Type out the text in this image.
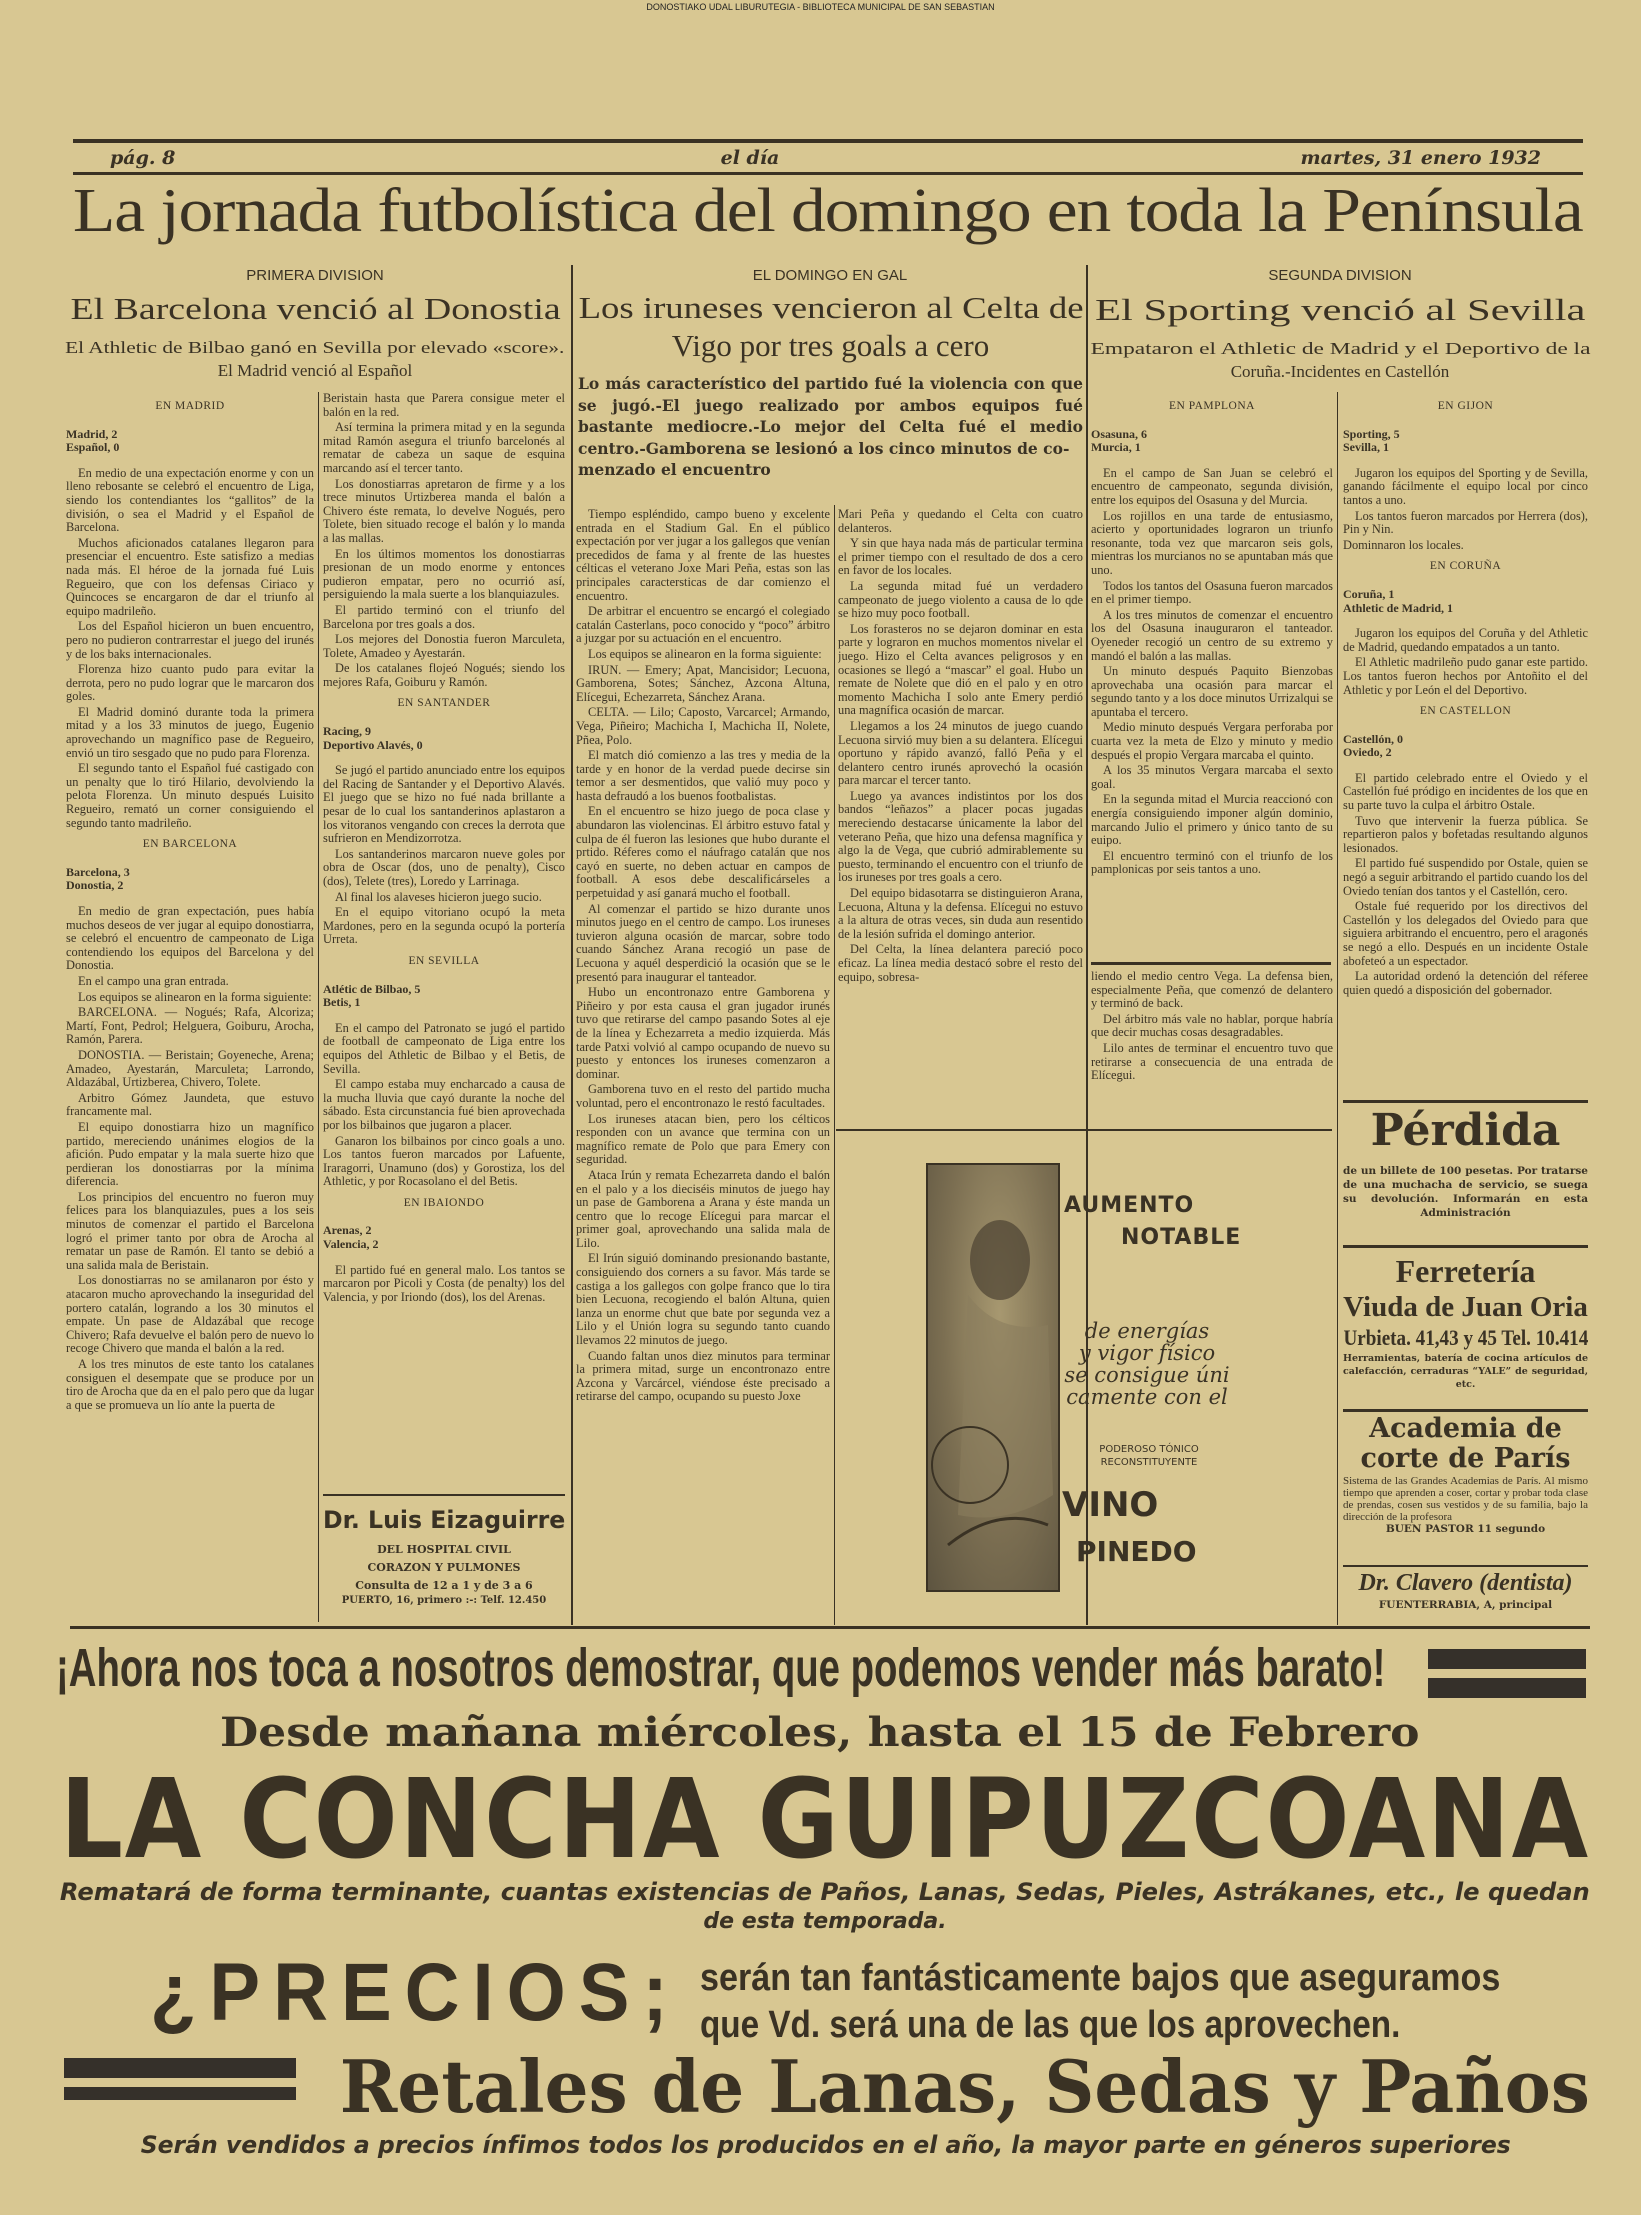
DONOSTIAKO UDAL LIBURUTEGIA - BIBLIOTECA MUNICIPAL DE SAN SEBASTIAN
pág. 8	el día	martes, 31 enero 1932
La jornada futbolística del domingo en toda la Península
PRIMERA DIVISION
El Barcelona venció al Donostia
El Athletic de Bilbao ganó en Sevilla por elevado «score».
El Madrid venció al Español
EN MADRID
Madrid, 2
Español, 0

En medio de una expectación enorme y con un lleno rebosante se celebró el encuentro de Liga, siendo los contendiantes los “gallitos” de la división, o sea el Madrid y el Español de Barcelona.

Muchos aficionados catalanes llegaron para presenciar el encuentro. Este satisfizo a medias nada más. El héroe de la jornada fué Luis Regueiro, que con los defensas Ciriaco y Quincoces se encargaron de dar el triunfo al equipo madrileño.

Los del Español hicieron un buen encuentro, pero no pudieron contrarrestar el juego del irunés y de los baks internacionales.

Florenza hizo cuanto pudo para evitar la derrota, pero no pudo lograr que le marcaron dos goles.

El Madrid dominó durante toda la primera mitad y a los 33 minutos de juego, Eugenio aprovechando un magnífico pase de Regueiro, envió un tiro sesgado que no pudo para Florenza.

El segundo tanto el Español fué castigado con un penalty que lo tiró Hilario, devolviendo la pelota Florenza. Un minuto después Luisito Regueiro, remató un corner consiguiendo el segundo tanto madrileño.

EN BARCELONA
Barcelona, 3
Donostia, 2

En medio de gran expectación, pues había muchos deseos de ver jugar al equipo donostiarra, se celebró el encuentro de campeonato de Liga contendiendo los equipos del Barcelona y del Donostia.

En el campo una gran entrada.

Los equipos se alinearon en la forma siguiente:

BARCELONA. — Nogués; Rafa, Alcoriza; Martí, Font, Pedrol; Helguera, Goiburu, Arocha, Ramón, Parera.

DONOSTIA. — Beristain; Goyeneche, Arena; Amadeo, Ayestarán, Marculeta; Larrondo, Aldazábal, Urtizberea, Chivero, Tolete.

Arbitro Gómez Jaundeta, que estuvo francamente mal.

El equipo donostiarra hizo un magnífico partido, mereciendo unánimes elogios de la afición. Pudo empatar y la mala suerte hizo que perdieran los donostiarras por la mínima diferencia.

Los principios del encuentro no fueron muy felices para los blanquiazules, pues a los seis minutos de comenzar el partido el Barcelona logró el primer tanto por obra de Arocha al rematar un pase de Ramón. El tanto se debió a una salida mala de Beristain.

Los donostiarras no se amilanaron por ésto y atacaron mucho aprovechando la inseguridad del portero catalán, logrando a los 30 minutos el empate. Un pase de Aldazábal que recoge Chivero; Rafa devuelve el balón pero de nuevo lo recoge Chivero que manda el balón a la red.

A los tres minutos de este tanto los catalanes consiguen el desempate que se produce por un tiro de Arocha que da en el palo pero que da lugar a que se promueva un lío ante la puerta de

Beristain hasta que Parera consigue meter el balón en la red.

Así termina la primera mitad y en la segunda mitad Ramón asegura el triunfo barcelonés al rematar de cabeza un saque de esquina marcando así el tercer tanto.

Los donostiarras apretaron de firme y a los trece minutos Urtizberea manda el balón a Chivero éste remata, lo develve Nogués, pero Tolete, bien situado recoge el balón y lo manda a las mallas.

En los últimos momentos los donostiarras presionan de un modo enorme y entonces pudieron empatar, pero no ocurrió así, persiguiendo la mala suerte a los blanquiazules.

El partido terminó con el triunfo del Barcelona por tres goals a dos.

Los mejores del Donostia fueron Marculeta, Tolete, Amadeo y Ayestarán.

De los catalanes flojeó Nogués; siendo los mejores Rafa, Goiburu y Ramón.

EN SANTANDER
Racing, 9
Deportivo Alavés, 0

Se jugó el partido anunciado entre los equipos del Racing de Santander y el Deportivo Alavés. El juego que se hizo no fué nada brillante a pesar de lo cual los santanderinos aplastaron a los vitoranos vengando con creces la derrota que sufrieron en Mendizorrotza.

Los santanderinos marcaron nueve goles por obra de Oscar (dos, uno de penalty), Cisco (dos), Telete (tres), Loredo y Larrinaga.

Al final los alaveses hicieron juego sucio.

En el equipo vitoriano ocupó la meta Mardones, pero en la segunda ocupó la portería Urreta.

EN SEVILLA
Atlétic de Bilbao, 5
Betis, 1

En el campo del Patronato se jugó el partido de football de campeonato de Liga entre los equipos del Athletic de Bilbao y el Betis, de Sevilla.

El campo estaba muy encharcado a causa de la mucha lluvia que cayó durante la noche del sábado. Esta circunstancia fué bien aprovechada por los bilbainos que jugaron a placer.

Ganaron los bilbainos por cinco goals a uno. Los tantos fueron marcados por Lafuente, Iraragorri, Unamuno (dos) y Gorostiza, los del Athletic, y por Rocasolano el del Betis.

EN IBAIONDO
Arenas, 2
Valencia, 2

El partido fué en general malo. Los tantos se marcaron por Picoli y Costa (de penalty) los del Valencia, y por Iriondo (dos), los del Arenas.

Dr. Luis Eizaguirre
DEL HOSPITAL CIVIL
CORAZON Y PULMONES
Consulta de 12 a 1 y de 3 a 6
PUERTO, 16, primero :-: Telf. 12.450
EL DOMINGO EN GAL
Los iruneses vencieron al Celta de
Vigo por tres goals a cero
Lo más característico del partido fué la violencia con que se jugó.-El juego realizado por ambos equipos fué bastante mediocre.-Lo mejor del Celta fué el medio centro.-Gamborena se lesionó a los cinco minutos de co-
menzado el encuentro

Tiempo espléndido, campo bueno y excelente entrada en el Stadium Gal. En el público expectación por ver jugar a los gallegos que venían precedidos de fama y al frente de las huestes célticas el veterano Joxe Mari Peña, estas son las principales caractersticas de dar comienzo el encuentro.

De arbitrar el encuentro se encargó el colegiado catalán Casterlans, poco conocido y “poco” árbitro a juzgar por su actuación en el encuentro.

Los equipos se alinearon en la forma siguiente:

IRUN. — Emery; Apat, Mancisidor; Lecuona, Gamborena, Sotes; Sánchez, Azcona Altuna, Elícegui, Echezarreta, Sánchez Arana.

CELTA. — Lilo; Caposto, Varcarcel; Armando, Vega, Piñeiro; Machicha I, Machicha II, Nolete, Pñea, Polo.

El match dió comienzo a las tres y media de la tarde y en honor de la verdad puede decirse sin temor a ser desmentidos, que valió muy poco y hasta defraudó a los buenos footbalistas.

En el encuentro se hizo juego de poca clase y abundaron las violencinas. El árbitro estuvo fatal y culpa de él fueron las lesiones que hubo durante el prtido. Réferes como el náufrago catalán que nos cayó en suerte, no deben actuar en campos de football. A esos debe descalificárseles a perpetuidad y así ganará mucho el football.

Al comenzar el partido se hizo durante unos minutos juego en el centro de campo. Los iruneses tuvieron alguna ocasión de marcar, sobre todo cuando Sánchez Arana recogió un pase de Lecuona y aquél desperdició la ocasión que se le presentó para inaugurar el tanteador.

Hubo un encontronazo entre Gamborena y Piñeiro y por esta causa el gran jugador irunés tuvo que retirarse del campo pasando Sotes al eje de la línea y Echezarreta a medio izquierda. Más tarde Patxi volvió al campo ocupando de nuevo su puesto y entonces los iruneses comenzaron a dominar.

Gamborena tuvo en el resto del partido mucha voluntad, pero el encontronazo le restó facultades.

Los iruneses atacan bien, pero los célticos responden con un avance que termina con un magnífico remate de Polo que para Emery con seguridad.

Ataca Irún y remata Echezarreta dando el balón en el palo y a los dieciséis minutos de juego hay un pase de Gamborena a Arana y éste manda un centro que lo recoge Elícegui para marcar el primer goal, aprovechando una salida mala de Lilo.

El Irún siguió dominando presionando bastante, consiguiendo dos corners a su favor. Más tarde se castiga a los gallegos con golpe franco que lo tira bien Lecuona, recogiendo el balón Altuna, quien lanza un enorme chut que bate por segunda vez a Lilo y el Unión logra su segundo tanto cuando llevamos 22 minutos de juego.

Cuando faltan unos diez minutos para terminar la primera mitad, surge un encontronazo entre Azcona y Varcárcel, viéndose éste precisado a retirarse del campo, ocupando su puesto Joxe

Mari Peña y quedando el Celta con cuatro delanteros.

Y sin que haya nada más de particular termina el primer tiempo con el resultado de dos a cero en favor de los locales.

La segunda mitad fué un verdadero campeonato de juego violento a causa de lo qde se hizo muy poco football.

Los forasteros no se dejaron dominar en esta parte y lograron en muchos momentos nivelar el juego. Hizo el Celta avances peligrosos y en ocasiones se llegó a “mascar” el goal. Hubo un remate de Nolete que dió en el palo y en otro momento Machicha I solo ante Emery perdió una magnífica ocasión de marcar.

Llegamos a los 24 minutos de juego cuando Lecuona sirvió muy bien a su delantera. Elícegui oportuno y rápido avanzó, falló Peña y el delantero centro irunés aprovechó la ocasión para marcar el tercer tanto.

Luego ya avances indistintos por los dos bandos “leñazos” a placer pocas jugadas mereciendo destacarse únicamente la labor del veterano Peña, que hizo una defensa magnífica y algo la de Vega, que cubrió admirablemente su puesto, terminando el encuentro con el triunfo de los iruneses por tres goals a cero.

Del equipo bidasotarra se distinguieron Arana, Lecuona, Altuna y la defensa. Elícegui no estuvo a la altura de otras veces, sin duda aun resentido de la lesión sufrida el domingo anterior.

Del Celta, la línea delantera pareció poco eficaz. La línea media destacó sobre el resto del equipo, sobresa-	liendo el medio centro Vega. La defensa bien, especialmente Peña, que comenzó de delantero y terminó de back.

Del árbitro más vale no hablar, porque habría que decir muchas cosas desagradables.

Lilo antes de terminar el encuentro tuvo que retirarse a consecuencia de una entrada de Elícegui.

AUMENTO
NOTABLE
de energías
y vigor físico
se consigue úni
camente con el
PODEROSO TÓNICO
RECONSTITUYENTE
VINO
PINEDO
SEGUNDA DIVISION
El Sporting venció al Sevilla
Empataron el Athletic de Madrid y el Deportivo de la
Coruña.-Incidentes en Castellón
EN PAMPLONA
Osasuna, 6
Murcia, 1

En el campo de San Juan se celebró el encuentro de campeonato, segunda división, entre los equipos del Osasuna y del Murcia.

Los rojillos en una tarde de entusiasmo, acierto y oportunidades lograron un triunfo resonante, toda vez que marcaron seis gols, mientras los murcianos no se apuntaban más que uno.

Todos los tantos del Osasuna fueron marcados en el primer tiempo.

A los tres minutos de comenzar el encuentro los del Osasuna inauguraron el tanteador. Oyeneder recogió un centro de su extremo y mandó el balón a las mallas.

Un minuto después Paquito Bienzobas aprovechaba una ocasión para marcar el segundo tanto y a los doce minutos Urrizalqui se apuntaba el tercero.

Medio minuto después Vergara perforaba por cuarta vez la meta de Elzo y minuto y medio después el propio Vergara marcaba el quinto.

A los 35 minutos Vergara marcaba el sexto goal.

En la segunda mitad el Murcia reaccionó con energía consiguiendo imponer algún dominio, marcando Julio el primero y único tanto de su euipo.

El encuentro terminó con el triunfo de los pamplonicas por seis tantos a uno.

EN GIJON
Sporting, 5
Sevilla, 1

Jugaron los equipos del Sporting y de Sevilla, ganando fácilmente el equipo local por cinco tantos a uno.

Los tantos fueron marcados por Herrera (dos), Pin y Nin.

Dominnaron los locales.

EN CORUÑA
Coruña, 1
Athletic de Madrid, 1

Jugaron los equipos del Coruña y del Athletic de Madrid, quedando empatados a un tanto.

El Athletic madrileño pudo ganar este partido. Los tantos fueron hechos por Antoñito el del Athletic y por León el del Deportivo.

EN CASTELLON
Castellón, 0
Oviedo, 2

El partido celebrado entre el Oviedo y el Castellón fué pródigo en incidentes de los que en su parte tuvo la culpa el árbitro Ostale.

Tuvo que intervenir la fuerza pública. Se repartieron palos y bofetadas resultando algunos lesionados.

El partido fué suspendido por Ostale, quien se negó a seguir arbitrando el partido cuando los del Oviedo tenían dos tantos y el Castellón, cero.

Ostale fué requerido por los directivos del Castellón y los delegados del Oviedo para que siguiera arbitrando el encuentro, pero el aragonés se negó a ello. Después en un incidente Ostale abofeteó a un espectador.

La autoridad ordenó la detención del réferee quien quedó a disposición del gobernador.

Pérdida
de un billete de 100 pesetas. Por tratarse de una muchacha de servicio, se suega su devolución. Informarán en esta Administración
Ferretería
Viuda de Juan Oria
Urbieta. 41,43 y 45 Tel. 10.414
Herramientas, batería de cocina artículos de calefacción, cerraduras “YALE” de seguridad, etc.
Academia de
corte de París
Sistema de las Grandes Academias de París. Al mismo tiempo que aprenden a coser, cortar y probar toda clase de prendas, cosen sus vestidos y de su familia, bajo la dirección de la profesora
BUEN PASTOR 11 segundo
Dr. Clavero (dentista)
FUENTERRABIA, A, principal
¡Ahora nos toca a nosotros demostrar, que podemos vender más barato!
Desde mañana miércoles, hasta el 15 de Febrero
LA CONCHA GUIPUZCOANA
Rematará de forma terminante, cuantas existencias de Paños, Lanas, Sedas, Pieles, Astrákanes, etc., le quedan
de esta temporada.
¿PRECIOS; serán tan fantásticamente bajos que aseguramos
que Vd. será una de las que los aprovechen.
Retales de Lanas, Sedas y Paños
Serán vendidos a precios ínfimos todos los producidos en el año, la mayor parte en géneros superiores
